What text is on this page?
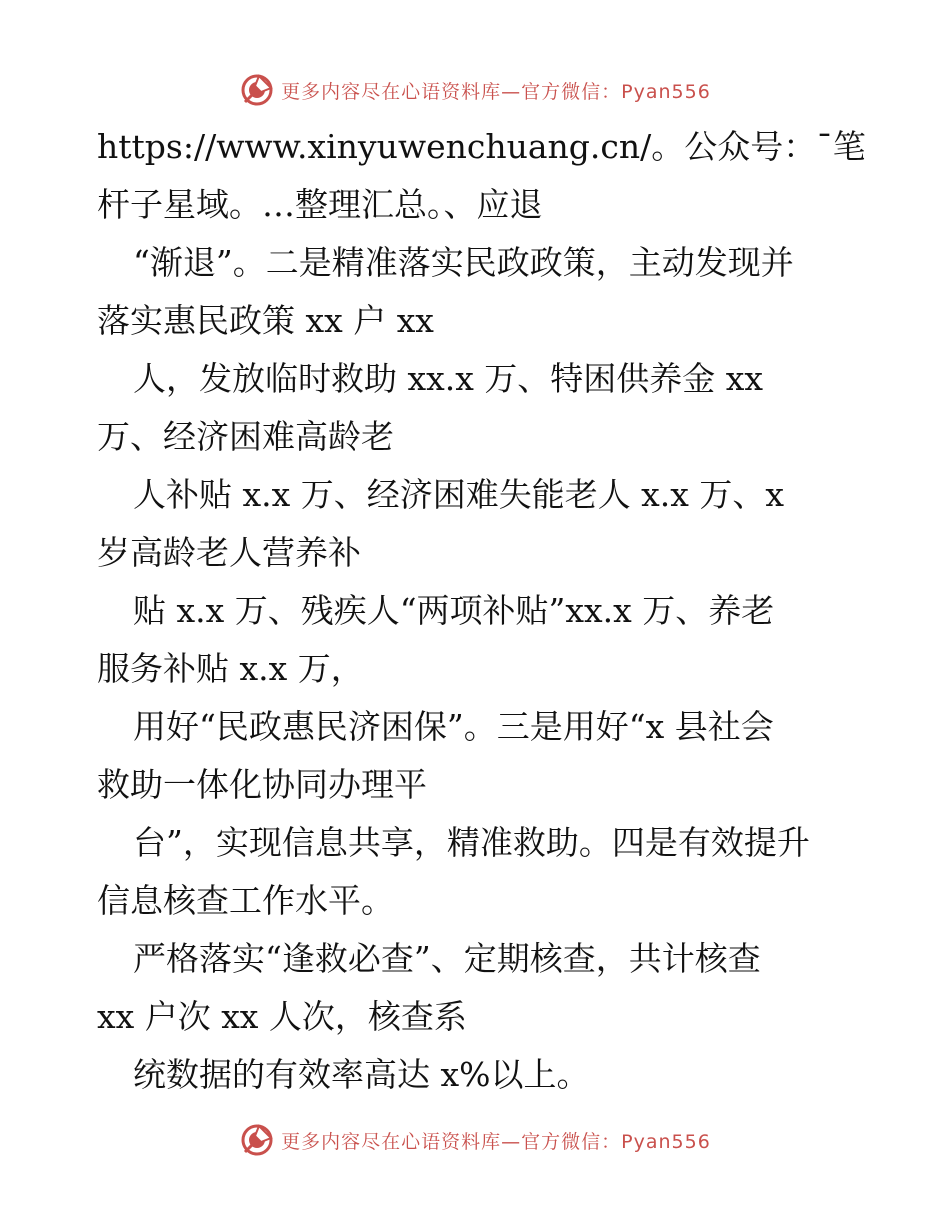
更多内容尽在心语资料库—官方微信：Pyan556
https://www.xinyuwenchuang.cn/。公众号：¯笔
杆子星域。…整理汇总。、应退
“渐退”。二是精准落实民政政策，主动发现并
落实惠民政策 xx 户 xx
人，发放临时救助 xx.x 万、特困供养金 xx
万、经济困难高龄老
人补贴 x.x 万、经济困难失能老人 x.x 万、x
岁高龄老人营养补
贴 x.x 万、残疾人“两项补贴”xx.x 万、养老
服务补贴 x.x 万，
用好“民政惠民济困保”。三是用好“x 县社会
救助一体化协同办理平
台”，实现信息共享，精准救助。四是有效提升
信息核查工作水平。
严格落实“逢救必查”、定期核查，共计核查
xx 户次 xx 人次，核查系
统数据的有效率高达 x%以上。
更多内容尽在心语资料库—官方微信：Pyan556
